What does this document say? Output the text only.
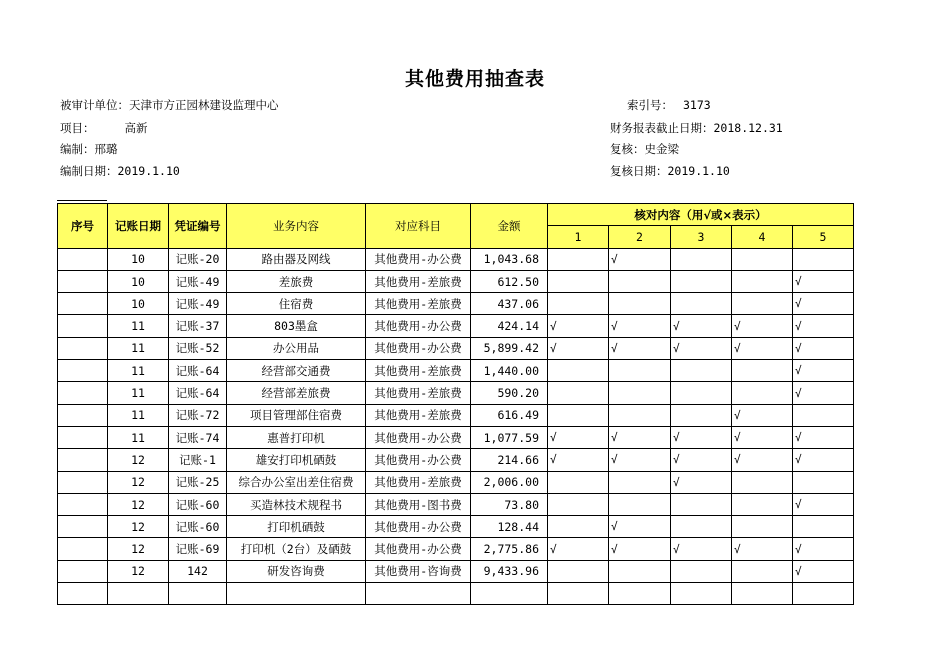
其他费用抽查表
被审计单位：天津市方正园林建设监理中心	索引号： 3173
项目：	高新	财务报表截止日期：2018.12.31
编制：邢璐	复核：史金梁
编制日期：2019.1.10	复核日期：2019.1.10
序号	记账日期	凭证编号	业务内容	对应科目	金额	核对内容（用√或×表示）				
						1	2	3	4	5
	10	记账-20	路由器及网线	其他费用-办公费	1,043.68		√			
	10	记账-49	差旅费	其他费用-差旅费	612.50					√
	10	记账-49	住宿费	其他费用-差旅费	437.06					√
	11	记账-37	803墨盒	其他费用-办公费	424.14	√	√	√	√	√
	11	记账-52	办公用品	其他费用-办公费	5,899.42	√	√	√	√	√
	11	记账-64	经营部交通费	其他费用-差旅费	1,440.00					√
	11	记账-64	经营部差旅费	其他费用-差旅费	590.20					√
	11	记账-72	项目管理部住宿费	其他费用-差旅费	616.49				√	
	11	记账-74	惠普打印机	其他费用-办公费	1,077.59	√	√	√	√	√
	12	记账-1	雄安打印机硒鼓	其他费用-办公费	214.66	√	√	√	√	√
	12	记账-25	综合办公室出差住宿费	其他费用-差旅费	2,006.00			√		
	12	记账-60	买造林技术规程书	其他费用-图书费	73.80					√
	12	记账-60	打印机硒鼓	其他费用-办公费	128.44		√			
	12	记账-69	打印机（2台）及硒鼓	其他费用-办公费	2,775.86	√	√	√	√	√
	12	142	研发咨询费	其他费用-咨询费	9,433.96					√
